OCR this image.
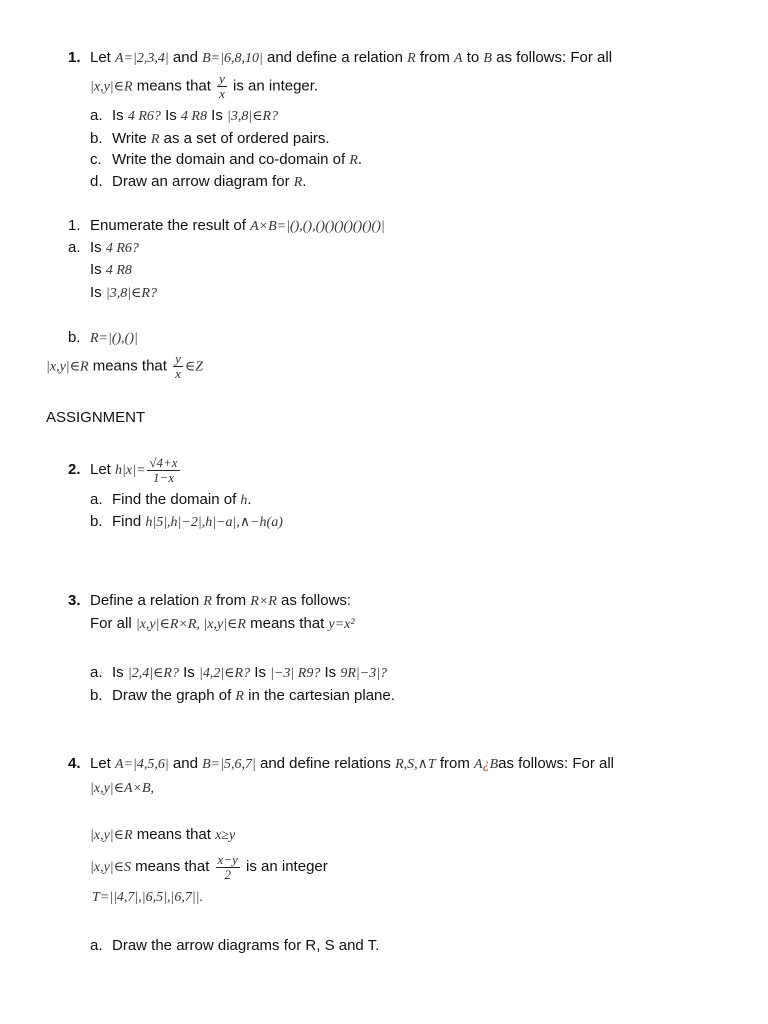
1. Let A=|2,3,4| and B=|6,8,10| and define a relation R from A to B as follows: For all
|x,y|∈R means that $\frac{y}{x}$ is an integer.
a. Is 4 R6? Is 4 R8 Is |3,8|∈R?
b. Write R as a set of ordered pairs.
c. Write the domain and co-domain of R.
d. Draw an arrow diagram for R.
1. Enumerate the result of A×B=|(),(),()()()()()()()|
a. Is 4 R6?
Is 4 R8
Is |3,8|∈R?
b. R=|(),()|
|x,y|∈R means that $\frac{y}{x}$ ∈Z
ASSIGNMENT
2. Let $h|x|= \frac{√4+x}{1-x}$
a. Find the domain of h.
b. Find h|5|,h|−2|,h|−a|,∧−h(a)
3. Define a relation R from R×R as follows:
For all |x,y|∈R×R, |x,y|∈R means that y=x²
a. Is |2,4|∈R? Is |4,2|∈R? Is |−3| R9? Is 9R|−3|?
b. Draw the graph of R in the cartesian plane.
4. Let A=|4,5,6| and B=|5,6,7| and define relations R,S,∧T from A¿Bas follows: For all
|x,y|∈A×B,
|x,y|∈R means that x≥y
|x,y|∈S means that $\frac{x-y}{2}$ is an integer
T=||4,7|,|6,5|,|6,7||.
a. Draw the arrow diagrams for R, S and T.
